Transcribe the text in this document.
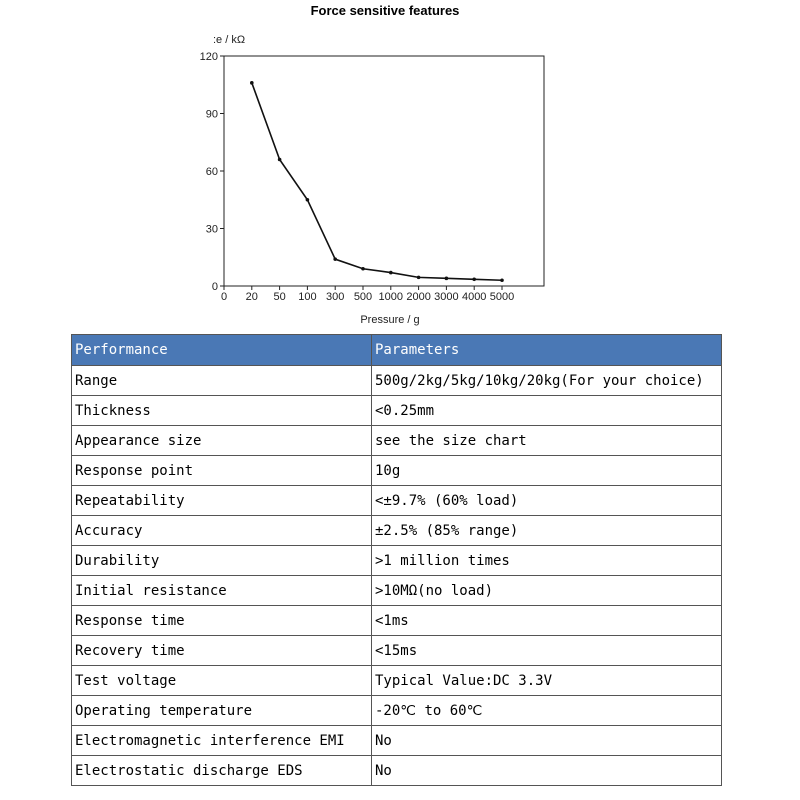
Force sensitive features
0
30
60
90
120
0 20 50 100 300 500 1000 2000 3000 4000 5000
:e / kΩ
Pressure / g
Performance	Parameters
Range	500g/2kg/5kg/10kg/20kg(For your choice)
Thickness	<0.25mm
Appearance size	see the size chart
Response point	10g
Repeatability	<±9.7% (60% load)
Accuracy	±2.5% (85% range)
Durability	>1 million times
Initial resistance	>10MΩ(no load)
Response time	<1ms
Recovery time	<15ms
Test voltage	Typical Value:DC 3.3V
Operating temperature	-20℃ to 60℃
Electromagnetic interference EMI	No
Electrostatic discharge EDS	No
